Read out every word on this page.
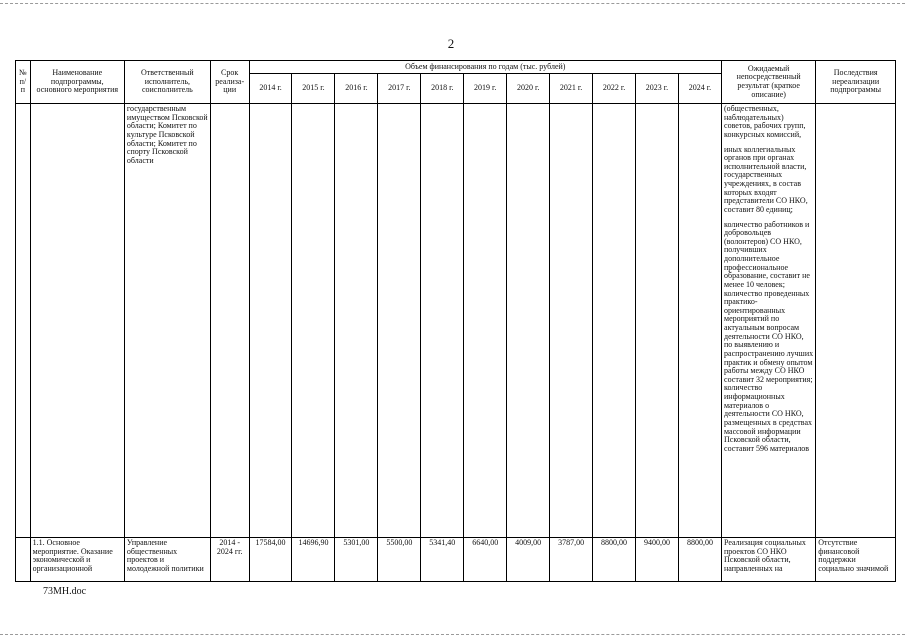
2
№ п/п	Наименование подпрограммы, основного мероприятия	Ответственный исполнитель, соисполнитель	Срок реализа-ции	Объем финансирования по годам (тыс. рублей)											Ожидаемый непосредственный результат (краткое описание)	Последствия нереализации подпрограммы
				2014 г.	2015 г.	2016 г.	2017 г.	2018 г.	2019 г.	2020 г.	2021 г.	2022 г.	2023 г.	2024 г.		
		государственным имуществом Псковской области; Комитет по культуре Псковской области; Комитет по спорту Псковской области													(общественных, наблюдательных) советов, рабочих групп, конкурсных комиссий,
иных коллегиальных органов при органах исполнительной власти, государственных учреждениях, в состав которых входят представители СО НКО, составит 80 единиц;
количество работников и добровольцев (волонтеров) СО НКО, получивших дополнительное профессиональное образование, составит не менее 10 человек; количество проведенных практико-ориентированных мероприятий по актуальным вопросам деятельности СО НКО, по выявлению и распространению лучших практик и обмену опытом работы между СО НКО составит 32 мероприятия; количество информационных материалов о деятельности СО НКО, размещенных в средствах массовой информации Псковской области, составит 596 материалов	

	1.1. Основное мероприятие. Оказание экономической и организационной	Управление общественных проектов и молодежной политики	2014 - 2024 гг.	17584,00	14696,90	5301,00	5500,00	5341,40	6640,00	4009,00	3787,00	8800,00	9400,00	8800,00	Реализация социальных проектов СО НКО Псковской области, направленных на	Отсутствие финансовой поддержки социально значимой
73МН.doc
